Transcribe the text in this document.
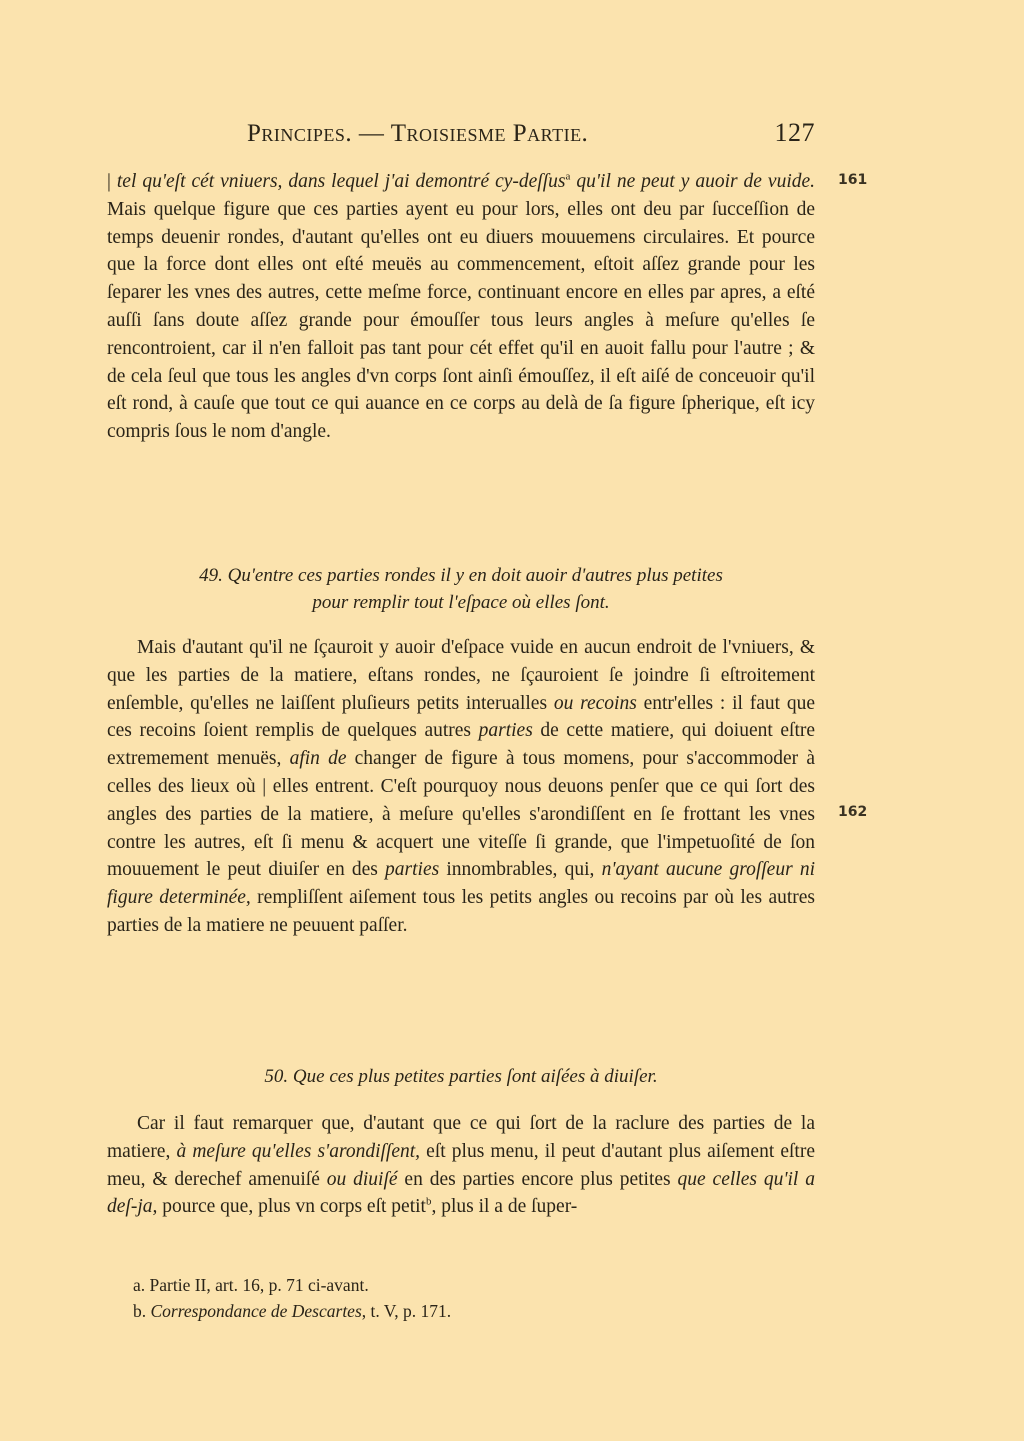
Principes. — Troisiesme Partie.	127

| tel qu'eſt cét vniuers, dans lequel j'ai demontré cy-deſſus$^a$ qu'il ne peut y auoir de vuide. Mais quelque figure que ces parties ayent eu pour lors, elles ont deu par ſucceſſion de temps deuenir rondes, d'autant qu'elles ont eu diuers mouuemens circulaires. Et pource que la force dont elles ont eſté meuës au commencement, eſtoit aſſez grande pour les ſeparer les vnes des autres, cette meſme force, continuant encore en elles par apres, a eſté auſſi ſans doute aſſez grande pour émouſſer tous leurs angles à meſure qu'elles ſe rencontroient, car il n'en falloit pas tant pour cét effet qu'il en auoit fallu pour l'autre ; & de cela ſeul que tous les angles d'vn corps ſont ainſi émouſſez, il eſt aiſé de conceuoir qu'il eſt rond, à cauſe que tout ce qui auance en ce corps au delà de ſa figure ſpherique, eſt icy compris ſous le nom d'angle.

49. Qu'entre ces parties rondes il y en doit auoir d'autres plus petites
pour remplir tout l'eſpace où elles ſont.

Mais d'autant qu'il ne ſçauroit y auoir d'eſpace vuide en aucun endroit de l'vniuers, & que les parties de la matiere, eſtans rondes, ne ſçauroient ſe joindre ſi eſtroitement enſemble, qu'elles ne laiſſent pluſieurs petits interualles ou recoins entr'elles : il faut que ces recoins ſoient remplis de quelques autres parties de cette matiere, qui doiuent eſtre extremement menuës, afin de changer de figure à tous momens, pour s'accommoder à celles des lieux où | elles entrent. C'eſt pourquoy nous deuons penſer que ce qui ſort des angles des parties de la matiere, à meſure qu'elles s'arondiſſent en ſe frottant les vnes contre les autres, eſt ſi menu & acquert une viteſſe ſi grande, que l'impetuoſité de ſon mouuement le peut diuiſer en des parties innombrables, qui, n'ayant aucune groſſeur ni figure determinée, rempliſſent aiſement tous les petits angles ou recoins par où les autres parties de la matiere ne peuuent paſſer.

50. Que ces plus petites parties ſont aiſées à diuiſer.

Car il faut remarquer que, d'autant que ce qui ſort de la raclure des parties de la matiere, à meſure qu'elles s'arondiſſent, eſt plus menu, il peut d'autant plus aiſement eſtre meu, & derechef amenuiſé ou diuiſé en des parties encore plus petites que celles qu'il a deſ-ja, pource que, plus vn corps eſt petit$^b$, plus il a de ſuper-

161
162
a. Partie II, art. 16, p. 71 ci-avant.
b. Correspondance de Descartes, t. V, p. 171.
